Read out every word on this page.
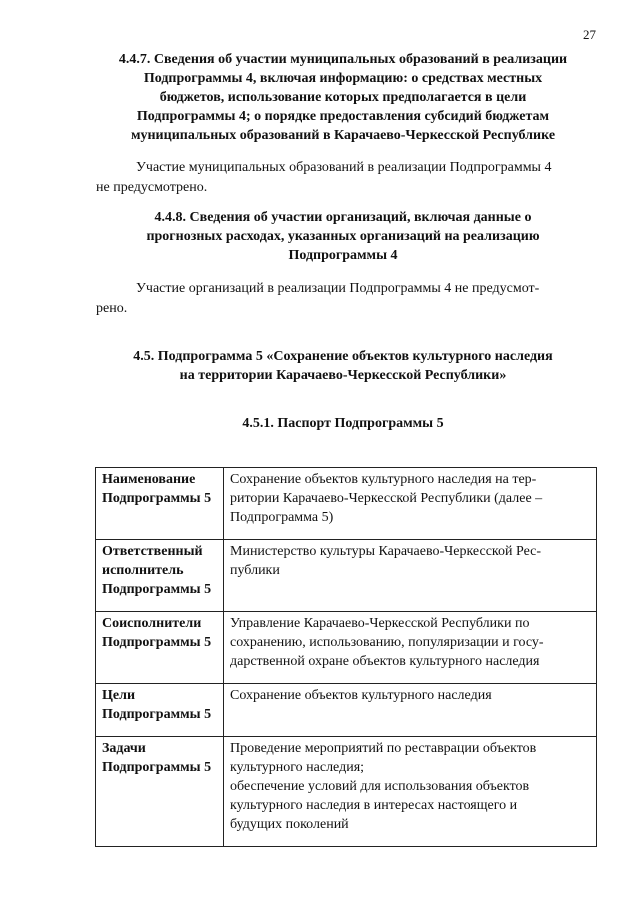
27
4.4.7. Сведения об участии муниципальных образований в реализации
Подпрограммы 4, включая информацию: о средствах местных
бюджетов, использование которых предполагается в цели
Подпрограммы 4; о порядке предоставления субсидий бюджетам
муниципальных образований в Карачаево-Черкесской Республике
Участие муниципальных образований в реализации Подпрограммы 4
не предусмотрено.
4.4.8. Сведения об участии организаций, включая данные о
прогнозных расходах, указанных организаций на реализацию
Подпрограммы 4
Участие организаций в реализации Подпрограммы 4 не предусмот-
рено.
4.5. Подпрограмма 5 «Сохранение объектов культурного наследия
на территории Карачаево-Черкесской Республики»
4.5.1. Паспорт Подпрограммы 5
Наименование
Подпрограммы 5	Сохранение объектов культурного наследия на тер-
ритории Карачаево-Черкесской Республики (далее –
Подпрограмма 5)

Ответственный
исполнитель
Подпрограммы 5	Министерство культуры Карачаево-Черкесской Рес-
публики

Соисполнители
Подпрограммы 5	Управление Карачаево-Черкесской Республики по
сохранению, использованию, популяризации и госу-
дарственной охране объектов культурного наследия

Цели
Подпрограммы 5	Сохранение объектов культурного наследия

Задачи
Подпрограммы 5	Проведение мероприятий по реставрации объектов
культурного наследия;
обеспечение условий для использования объектов
культурного наследия в интересах настоящего и
будущих поколений
